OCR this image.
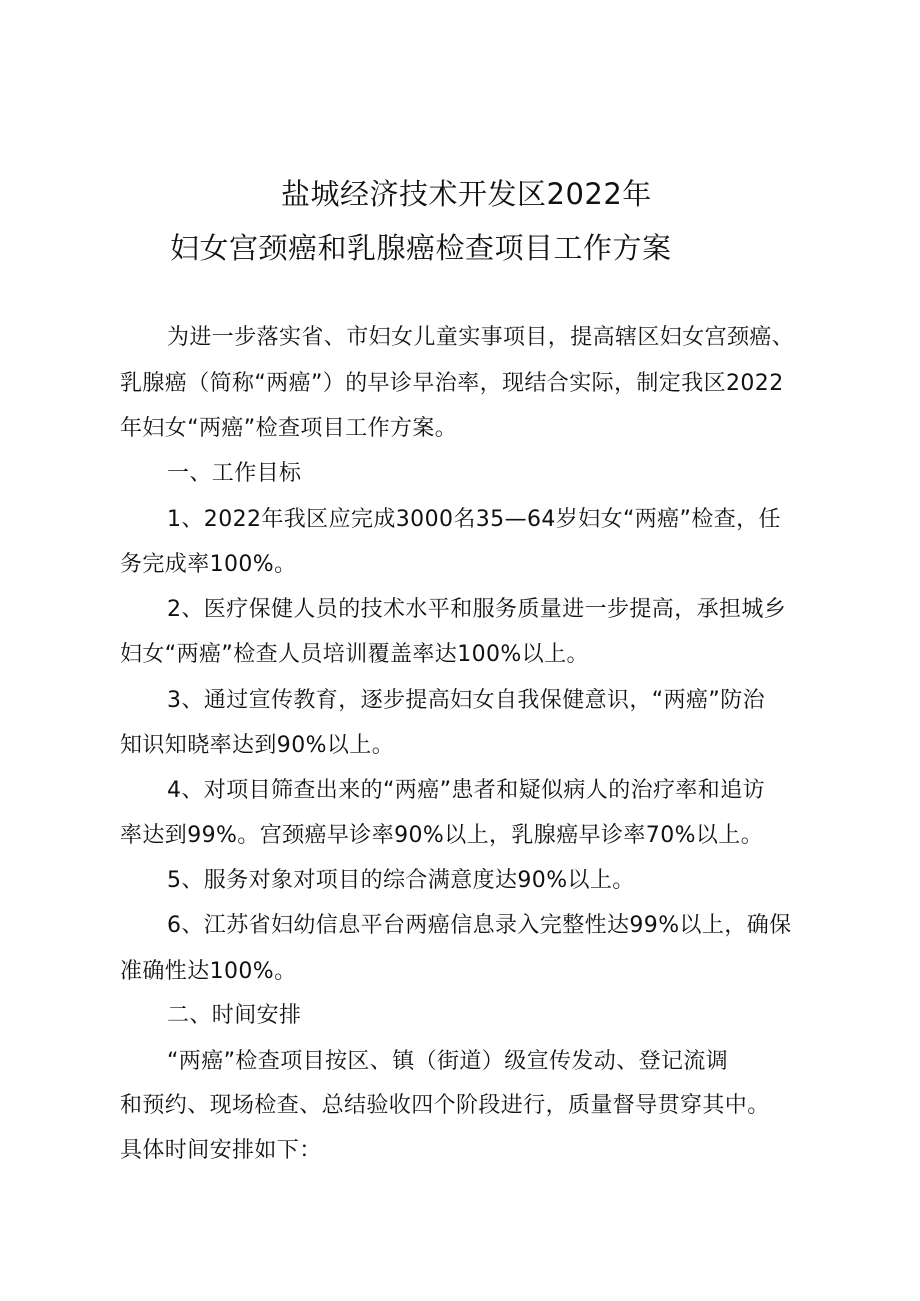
盐城经济技术开发区2022年
妇女宫颈癌和乳腺癌检查项目工作方案
为进一步落实省、市妇女儿童实事项目，提高辖区妇女宫颈癌、
乳腺癌（简称“两癌”）的早诊早治率，现结合实际，制定我区2022
年妇女“两癌”检查项目工作方案。
一、工作目标
1、2022年我区应完成3000名35—64岁妇女“两癌”检查，任
务完成率100%。
2、医疗保健人员的技术水平和服务质量进一步提高，承担城乡
妇女“两癌”检查人员培训覆盖率达100%以上。
3、通过宣传教育，逐步提高妇女自我保健意识，“两癌”防治
知识知晓率达到90%以上。
4、对项目筛查出来的“两癌”患者和疑似病人的治疗率和追访
率达到99%。宫颈癌早诊率90%以上，乳腺癌早诊率70%以上。
5、服务对象对项目的综合满意度达90%以上。
6、江苏省妇幼信息平台两癌信息录入完整性达99%以上，确保
准确性达100%。
二、时间安排
“两癌”检查项目按区、镇（街道）级宣传发动、登记流调
和预约、现场检查、总结验收四个阶段进行，质量督导贯穿其中。
具体时间安排如下：
